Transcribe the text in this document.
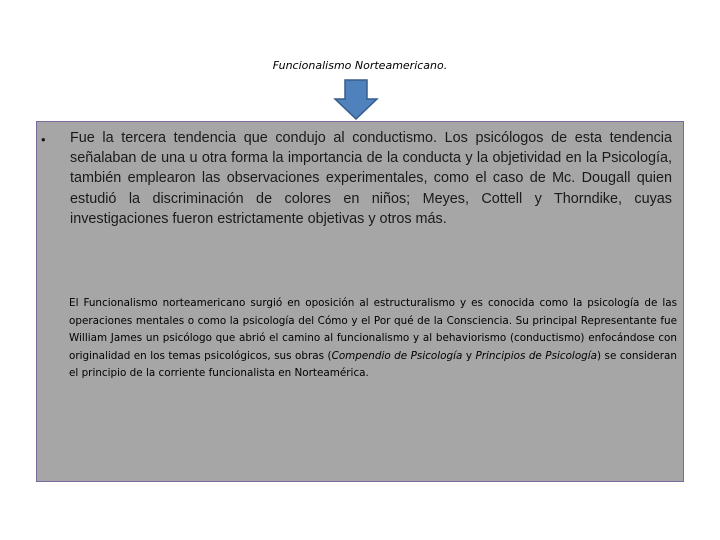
Funcionalismo Norteamericano.
• Fue la tercera tendencia que condujo al conductismo. Los psicólogos de esta tendencia señalaban de una u otra forma la importancia de la conducta y la objetividad en la Psicología, también emplearon las observaciones experimentales, como el caso de Mc. Dougall quien estudió la discriminación de colores en niños; Meyes, Cottell y Thorndike, cuyas investigaciones fueron estrictamente objetivas y otros más.

El Funcionalismo norteamericano surgió en oposición al estructuralismo y es conocida como la psicología de las operaciones mentales o como la psicología del Cómo y el Por qué de la Consciencia. Su principal Representante fue William James un psicólogo que abrió el camino al funcionalismo y al behaviorismo (conductismo) enfocándose con originalidad en los temas psicológicos, sus obras (Compendio de Psicología y Principios de Psicología) se consideran el principio de la corriente funcionalista en Norteamérica.
